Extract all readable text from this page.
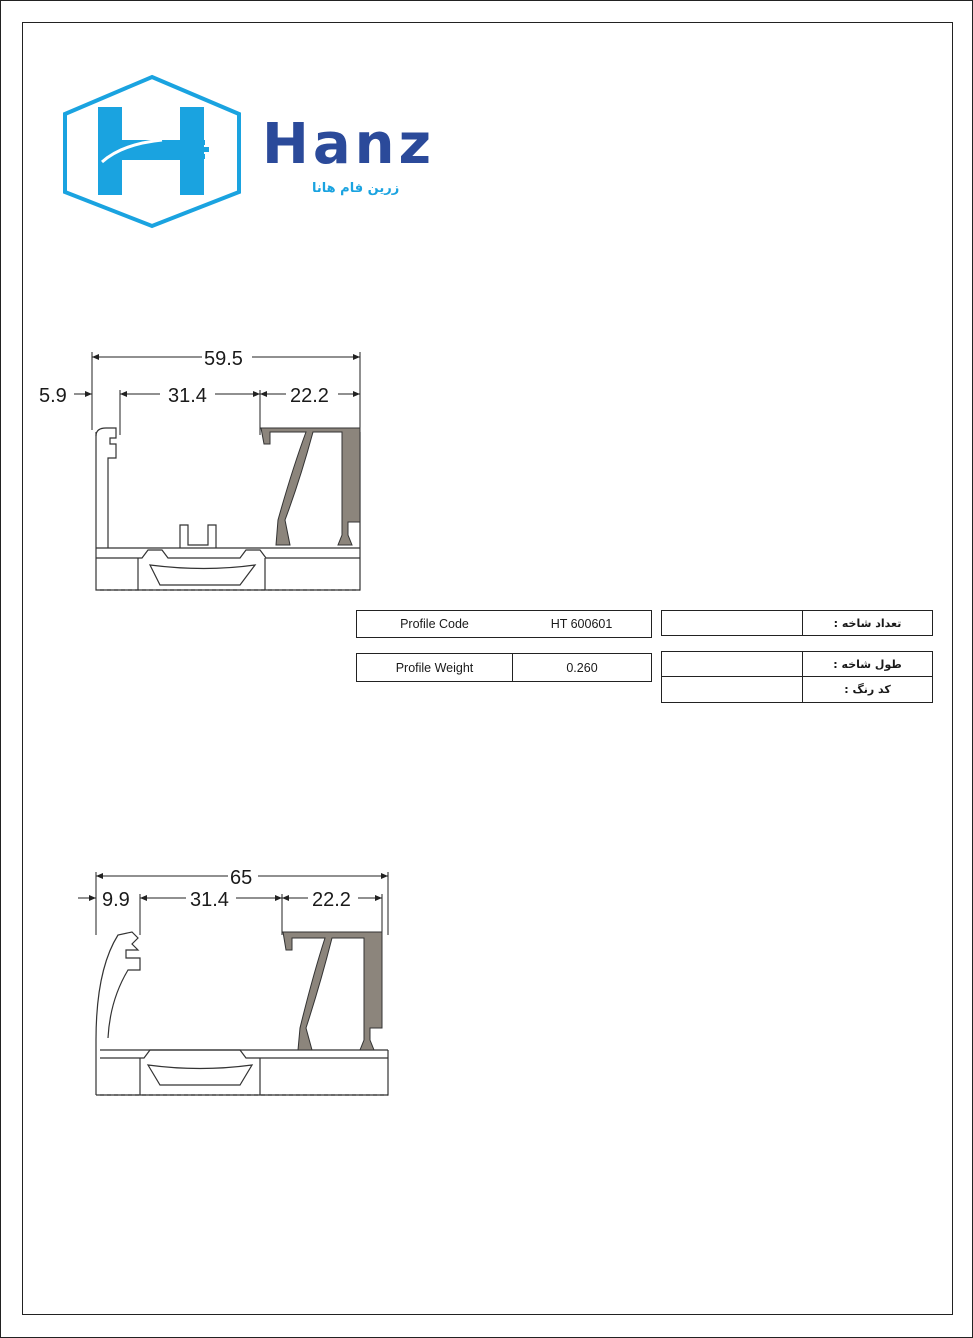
Hanz
زرین فام هانا
59.5
5.9	31.4	22.2
Profile Code	HT 600601
Profile Weight	0.260
تعداد شاخه :
طول شاخه :
کد رنگ :
65
9.9	31.4	22.2
